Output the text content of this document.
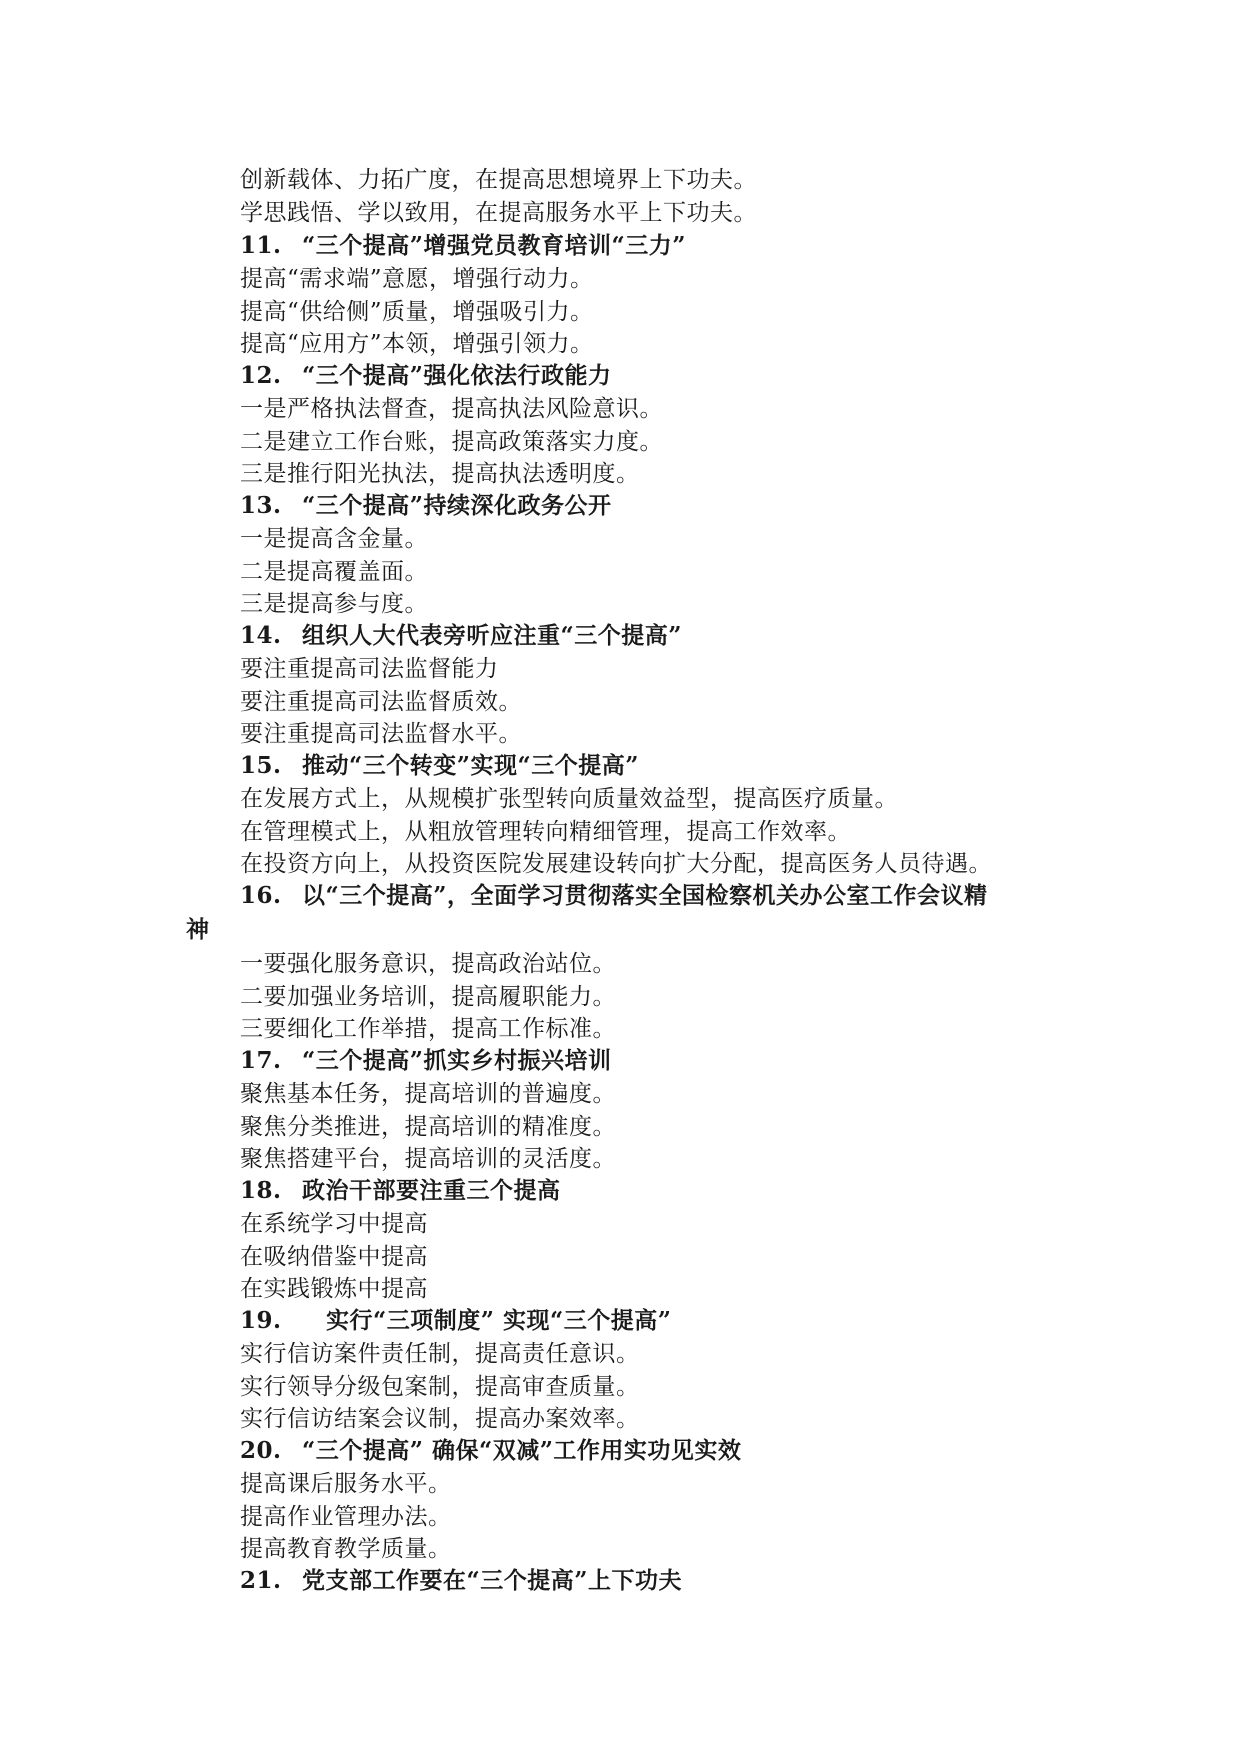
创新载体、力拓广度，在提高思想境界上下功夫。
学思践悟、学以致用，在提高服务水平上下功夫。
11. “三个提高”增强党员教育培训“三力”
提高“需求端”意愿，增强行动力。
提高“供给侧”质量，增强吸引力。
提高“应用方”本领，增强引领力。
12. “三个提高”强化依法行政能力
一是严格执法督查，提高执法风险意识。
二是建立工作台账，提高政策落实力度。
三是推行阳光执法，提高执法透明度。
13. “三个提高”持续深化政务公开
一是提高含金量。
二是提高覆盖面。
三是提高参与度。
14. 组织人大代表旁听应注重“三个提高”
要注重提高司法监督能力
要注重提高司法监督质效。
要注重提高司法监督水平。
15. 推动“三个转变”实现“三个提高”
在发展方式上，从规模扩张型转向质量效益型，提高医疗质量。
在管理模式上，从粗放管理转向精细管理，提高工作效率。
在投资方向上，从投资医院发展建设转向扩大分配，提高医务人员待遇。
16. 以“三个提高”，全面学习贯彻落实全国检察机关办公室工作会议精
神
一要强化服务意识，提高政治站位。
二要加强业务培训，提高履职能力。
三要细化工作举措，提高工作标准。
17. “三个提高”抓实乡村振兴培训
聚焦基本任务，提高培训的普遍度。
聚焦分类推进，提高培训的精准度。
聚焦搭建平台，提高培训的灵活度。
18. 政治干部要注重三个提高
在系统学习中提高
在吸纳借鉴中提高
在实践锻炼中提高
19. 实行“三项制度” 实现“三个提高”
实行信访案件责任制，提高责任意识。
实行领导分级包案制，提高审查质量。
实行信访结案会议制，提高办案效率。
20. “三个提高” 确保“双减”工作用实功见实效
提高课后服务水平。
提高作业管理办法。
提高教育教学质量。
21. 党支部工作要在“三个提高”上下功夫
